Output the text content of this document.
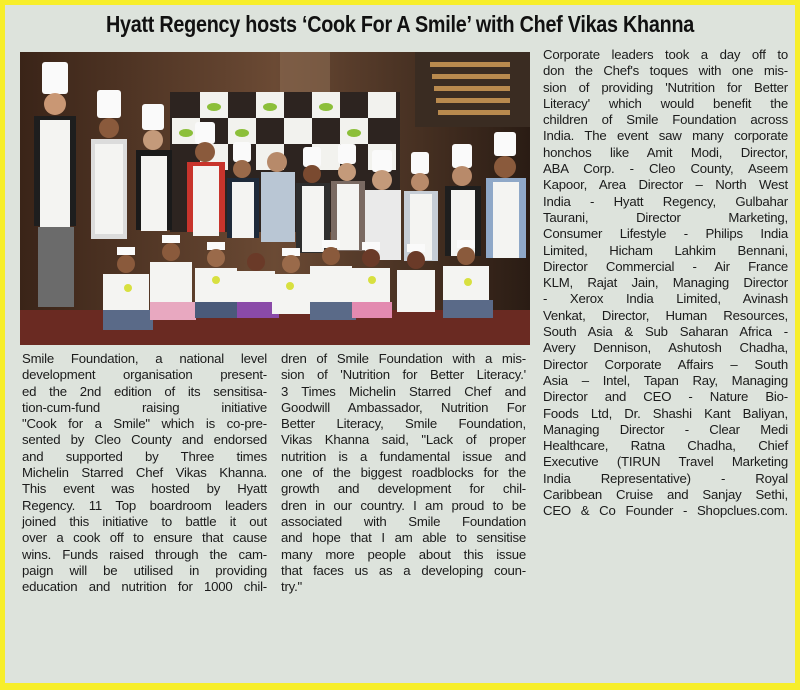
Hyatt Regency hosts ‘Cook For A Smile’ with Chef Vikas Khanna
Smile Foundation, a national level
development organisation present-
ed the 2nd edition of its sensitisa-
tion-cum-fund raising initiative
"Cook for a Smile" which is co-pre-
sented by Cleo County and endorsed
and supported by Three times
Michelin Starred Chef Vikas Khanna.
This event was hosted by Hyatt
Regency. 11 Top boardroom leaders
joined this initiative to battle it out
over a cook off to ensure that cause
wins. Funds raised through the cam-
paign will be utilised in providing
education and nutrition for 1000 chil-
dren of Smile Foundation with a mis-
sion of 'Nutrition for Better Literacy.'
3 Times Michelin Starred Chef and
Goodwill Ambassador, Nutrition For
Better Literacy, Smile Foundation,
Vikas Khanna said, "Lack of proper
nutrition is a fundamental issue and
one of the biggest roadblocks for the
growth and development for chil-
dren in our country. I am proud to be
associated with Smile Foundation
and hope that I am able to sensitise
many more people about this issue
that faces us as a developing coun-
try."
Corporate leaders took a day off to
don the Chef's toques with one mis-
sion of providing 'Nutrition for Better
Literacy' which would benefit the
children of Smile Foundation across
India. The event saw many corporate
honchos like Amit Modi, Director,
ABA Corp. - Cleo County, Aseem
Kapoor, Area Director – North West
India - Hyatt Regency, Gulbahar
Taurani, Director Marketing,
Consumer Lifestyle - Philips India
Limited, Hicham Lahkim Bennani,
Director Commercial - Air France
KLM, Rajat Jain, Managing Director
- Xerox India Limited, Avinash
Venkat, Director, Human Resources,
South Asia & Sub Saharan Africa -
Avery Dennison, Ashutosh Chadha,
Director Corporate Affairs – South
Asia – Intel, Tapan Ray, Managing
Director and CEO - Nature Bio-
Foods Ltd, Dr. Shashi Kant Baliyan,
Managing Director - Clear Medi
Healthcare, Ratna Chadha, Chief
Executive (TIRUN Travel Marketing
India Representative) - Royal
Caribbean Cruise and Sanjay Sethi,
CEO & Co Founder - Shopclues.com.
